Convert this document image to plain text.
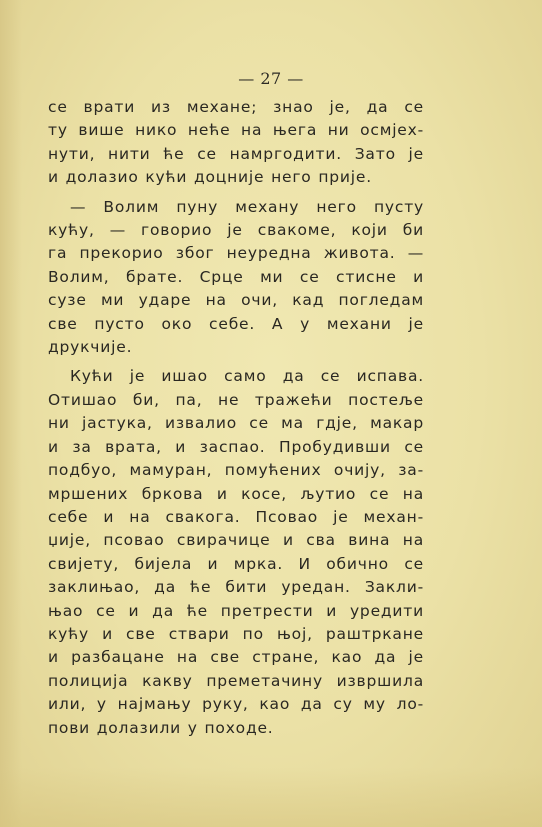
— 27 —

се врати из механе; знао је, да се
ту више нико неће на њега ни осмјех-
нути, нити ће се намргодити. Зато је
и долазио кући доцније него прије.

— Волим пуну механу него пусту
кућу, — говорио је свакоме, који би
га прекорио због неуредна живота. —
Волим, брате. Срце ми се стисне и
сузе ми ударе на очи, кад погледам
све пусто око себе. А у механи је
друкчије.

Кући је ишао само да се испава.
Отишао би, па, не тражећи постеље
ни јастука, извалио се ма гдје, макар
и за врата, и заспао. Пробудивши се
подбуо, мамуран, помућених очију, за-
мршених бркова и косе, љутио се на
себе и на свакога. Псовао је механ-
џије, псовао свирачице и сва вина на
свијету, бијела и мрка. И обично се
заклињао, да ће бити уредан. Закли-
њао се и да ће претрести и уредити
кућу и све ствари по њој, раштркане
и разбацане на све стране, као да је
полиција какву преметачину извршила
или, у најмању руку, као да су му ло-
пови долазили у походе.
